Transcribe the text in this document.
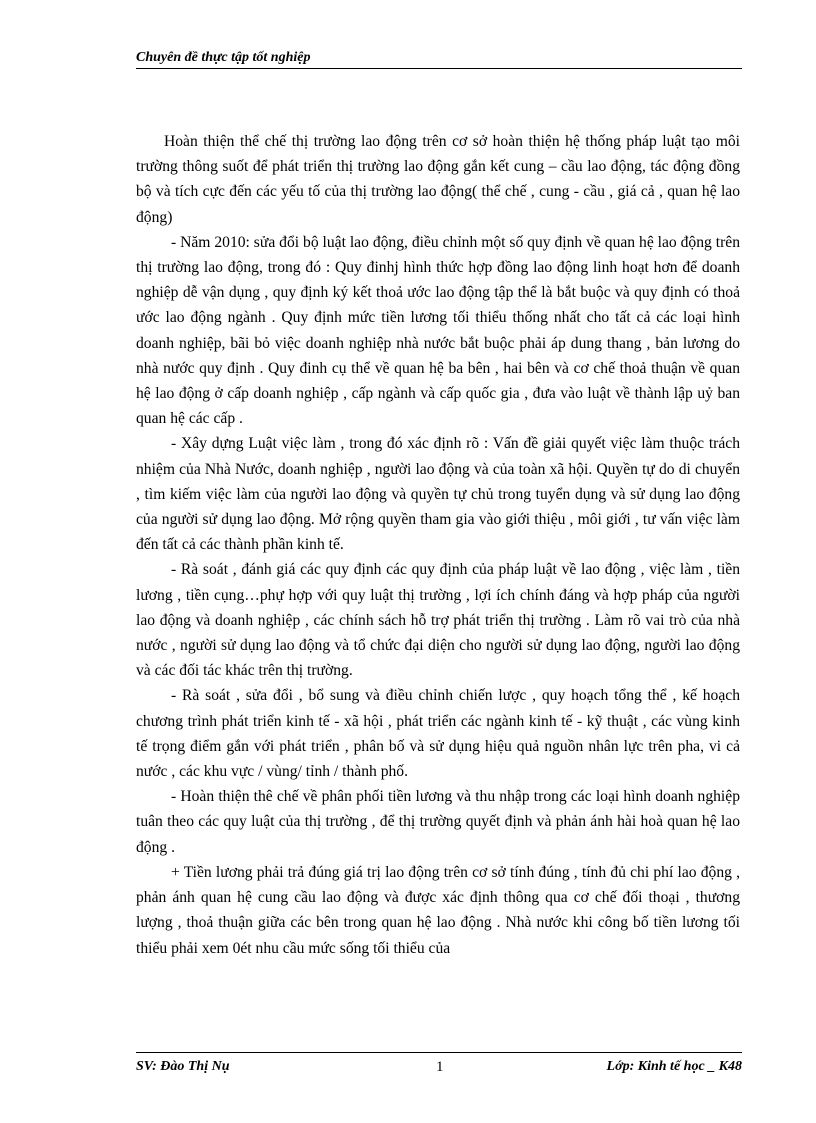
Chuyên đề thực tập tốt nghiệp

Hoàn thiện thể chế thị trường lao động trên cơ sở hoàn thiện hệ thống pháp luật tạo môi trường thông suốt để phát triển thị trường lao động gắn kết cung – cầu lao động, tác động đồng bộ và tích cực đến các yếu tố của thị trường lao động( thể chế , cung - cầu , giá cả , quan hệ lao động)

- Năm 2010: sửa đổi bộ luật lao động, điều chỉnh một số quy định về quan hệ lao động trên thị trường lao động, trong đó : Quy đinhj hình thức hợp đồng lao động linh hoạt hơn để doanh nghiệp dễ vận dụng , quy định ký kết thoả ước lao động tập thể là bắt buộc và quy định có thoả ước lao động ngành . Quy định mức tiền lương tối thiểu thống nhất cho tất cả các loại hình doanh nghiệp, bãi bỏ việc doanh nghiệp nhà nước bắt buộc phải áp dung thang , bản lương do nhà nước quy định . Quy đinh cụ thể về quan hệ ba bên , hai bên và cơ chế thoả thuận về quan hệ lao động ở cấp doanh nghiệp , cấp ngành và cấp quốc gia , đưa vào luật về thành lập uỷ ban quan hệ các cấp .

- Xây dựng Luật việc làm , trong đó xác định rõ : Vấn đề giải quyết việc làm thuộc trách nhiệm của Nhà Nước, doanh nghiệp , người lao động và của toàn xã hội. Quyền tự do di chuyển , tìm kiếm việc làm của người lao động và quyền tự chủ trong tuyển dụng và sử dụng lao động của người sử dụng lao động. Mở rộng quyền tham gia vào giới thiệu , môi giới , tư vấn việc làm đến tất cả các thành phần kinh tế.

- Rà soát , đánh giá các quy định các quy định của pháp luật về lao động , việc làm , tiền lương , tiền cụng…phự hợp với quy luật thị trường , lợi ích chính đáng và hợp pháp của người lao động và doanh nghiệp , các chính sách hỗ trợ phát triển thị trường . Làm rõ vai trò của nhà nước , người sử dụng lao động và tổ chức đại diện cho người sử dụng lao động, người lao động và các đối tác khác trên thị trường.

- Rà soát , sửa đổi , bổ sung và điều chỉnh chiến lược , quy hoạch tổng thể , kế hoạch chương trình phát triển kinh tế - xã hội , phát triển các ngành kinh tế - kỹ thuật , các vùng kinh tế trọng điểm gắn với phát triển , phân bố và sử dụng hiệu quả nguồn nhân lực trên pha, vi cả nước , các khu vực / vùng/ tỉnh / thành phố.

- Hoàn thiện thê chế về phân phối tiền lương và thu nhập trong các loại hình doanh nghiệp tuân theo các quy luật của thị trường , để thị trường quyết định và phản ánh hài hoà quan hệ lao động .

+ Tiền lương phải trả đúng giá trị lao động trên cơ sở tính đúng , tính đủ chi phí lao động , phản ánh quan hệ cung cầu lao động và được xác định thông qua cơ chế đối thoại , thương lượng , thoả thuận giữa các bên trong quan hệ lao động . Nhà nước khi công bố tiền lương tối thiểu phải xem 0ét nhu cầu mức sống tối thiểu của

SV: Đào Thị Nụ	1	Lớp: Kinh tế học _ K48
